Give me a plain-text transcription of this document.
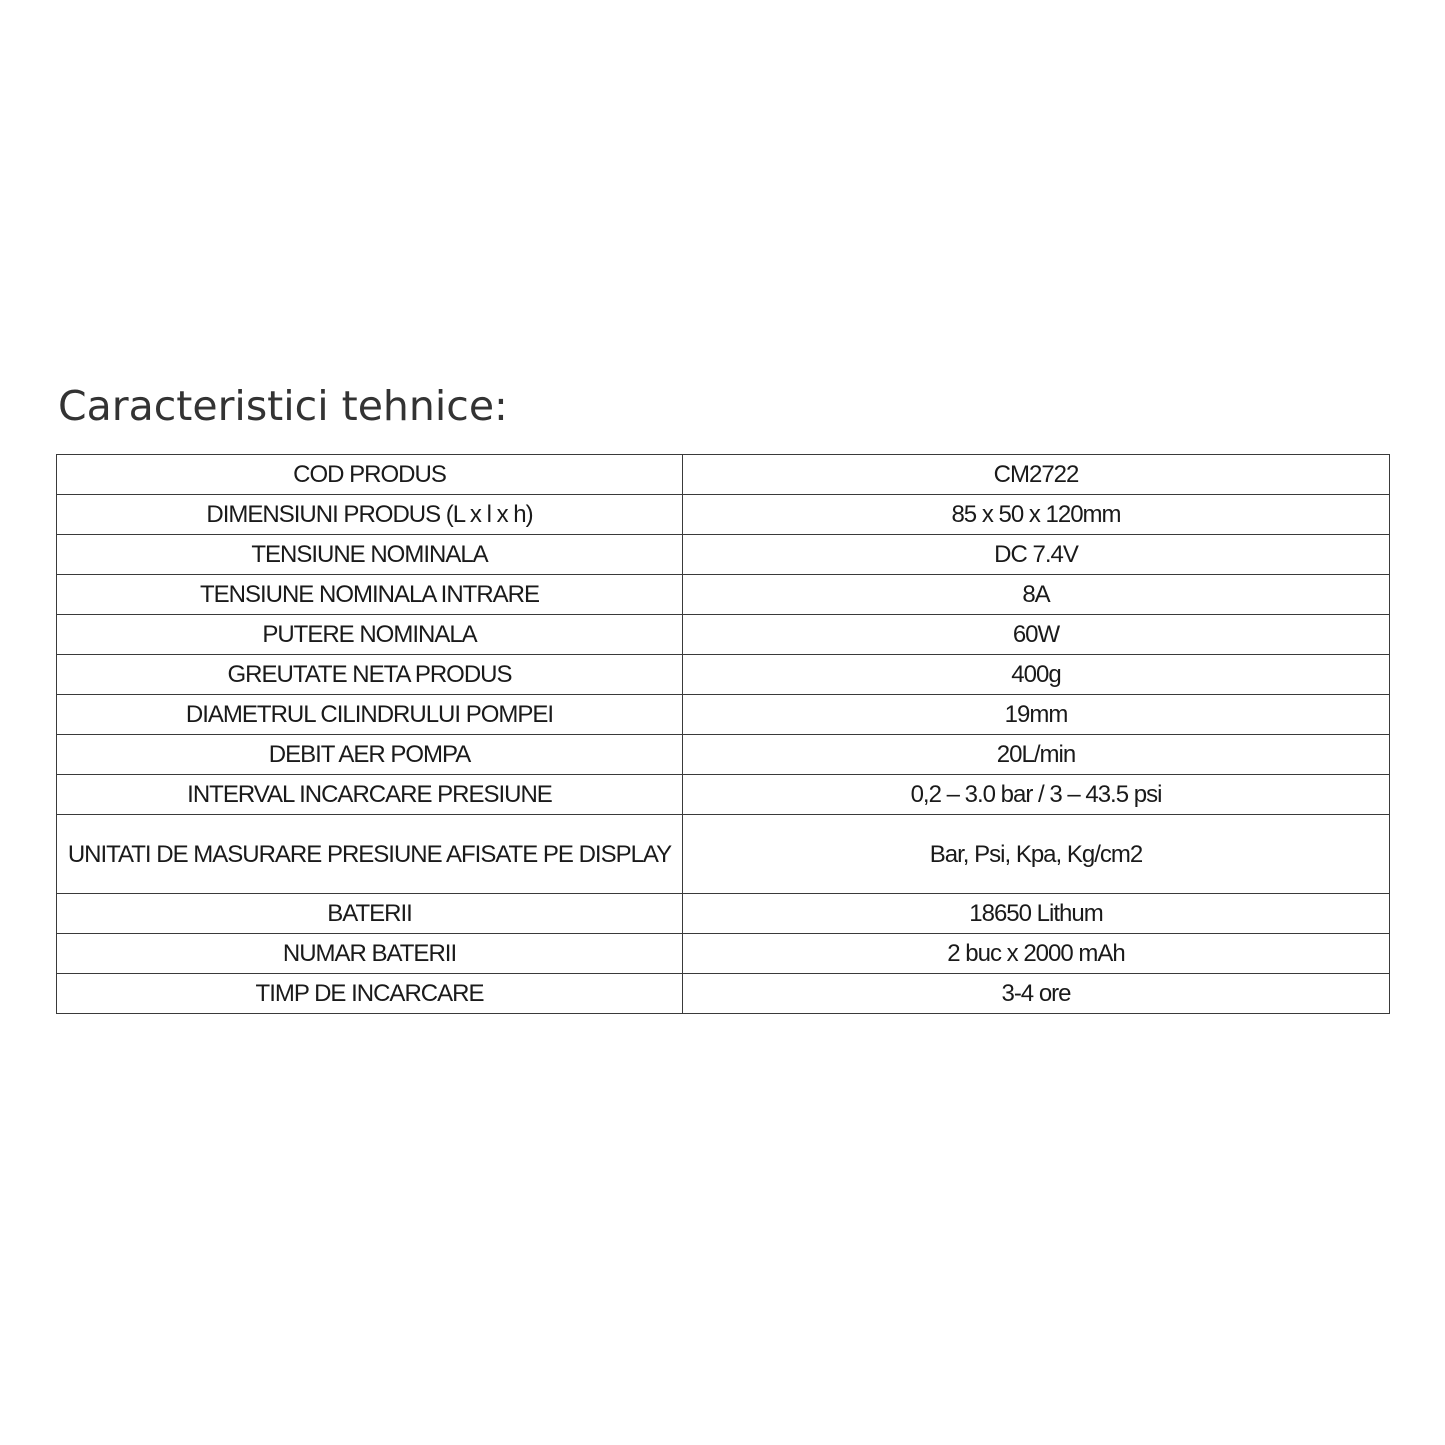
Caracteristici tehnice:
COD PRODUS	CM2722
DIMENSIUNI PRODUS (L x l x h)	85 x 50 x 120mm
TENSIUNE NOMINALA	DC 7.4V
TENSIUNE NOMINALA INTRARE	8A
PUTERE NOMINALA	60W
GREUTATE NETA PRODUS	400g
DIAMETRUL CILINDRULUI POMPEI	19mm
DEBIT AER POMPA	20L/min
INTERVAL INCARCARE PRESIUNE	0,2 – 3.0 bar / 3 – 43.5 psi
UNITATI DE MASURARE PRESIUNE AFISATE PE DISPLAY	Bar, Psi, Kpa, Kg/cm2
BATERII	18650 Lithum
NUMAR BATERII	2 buc x 2000 mAh
TIMP DE INCARCARE	3-4 ore
